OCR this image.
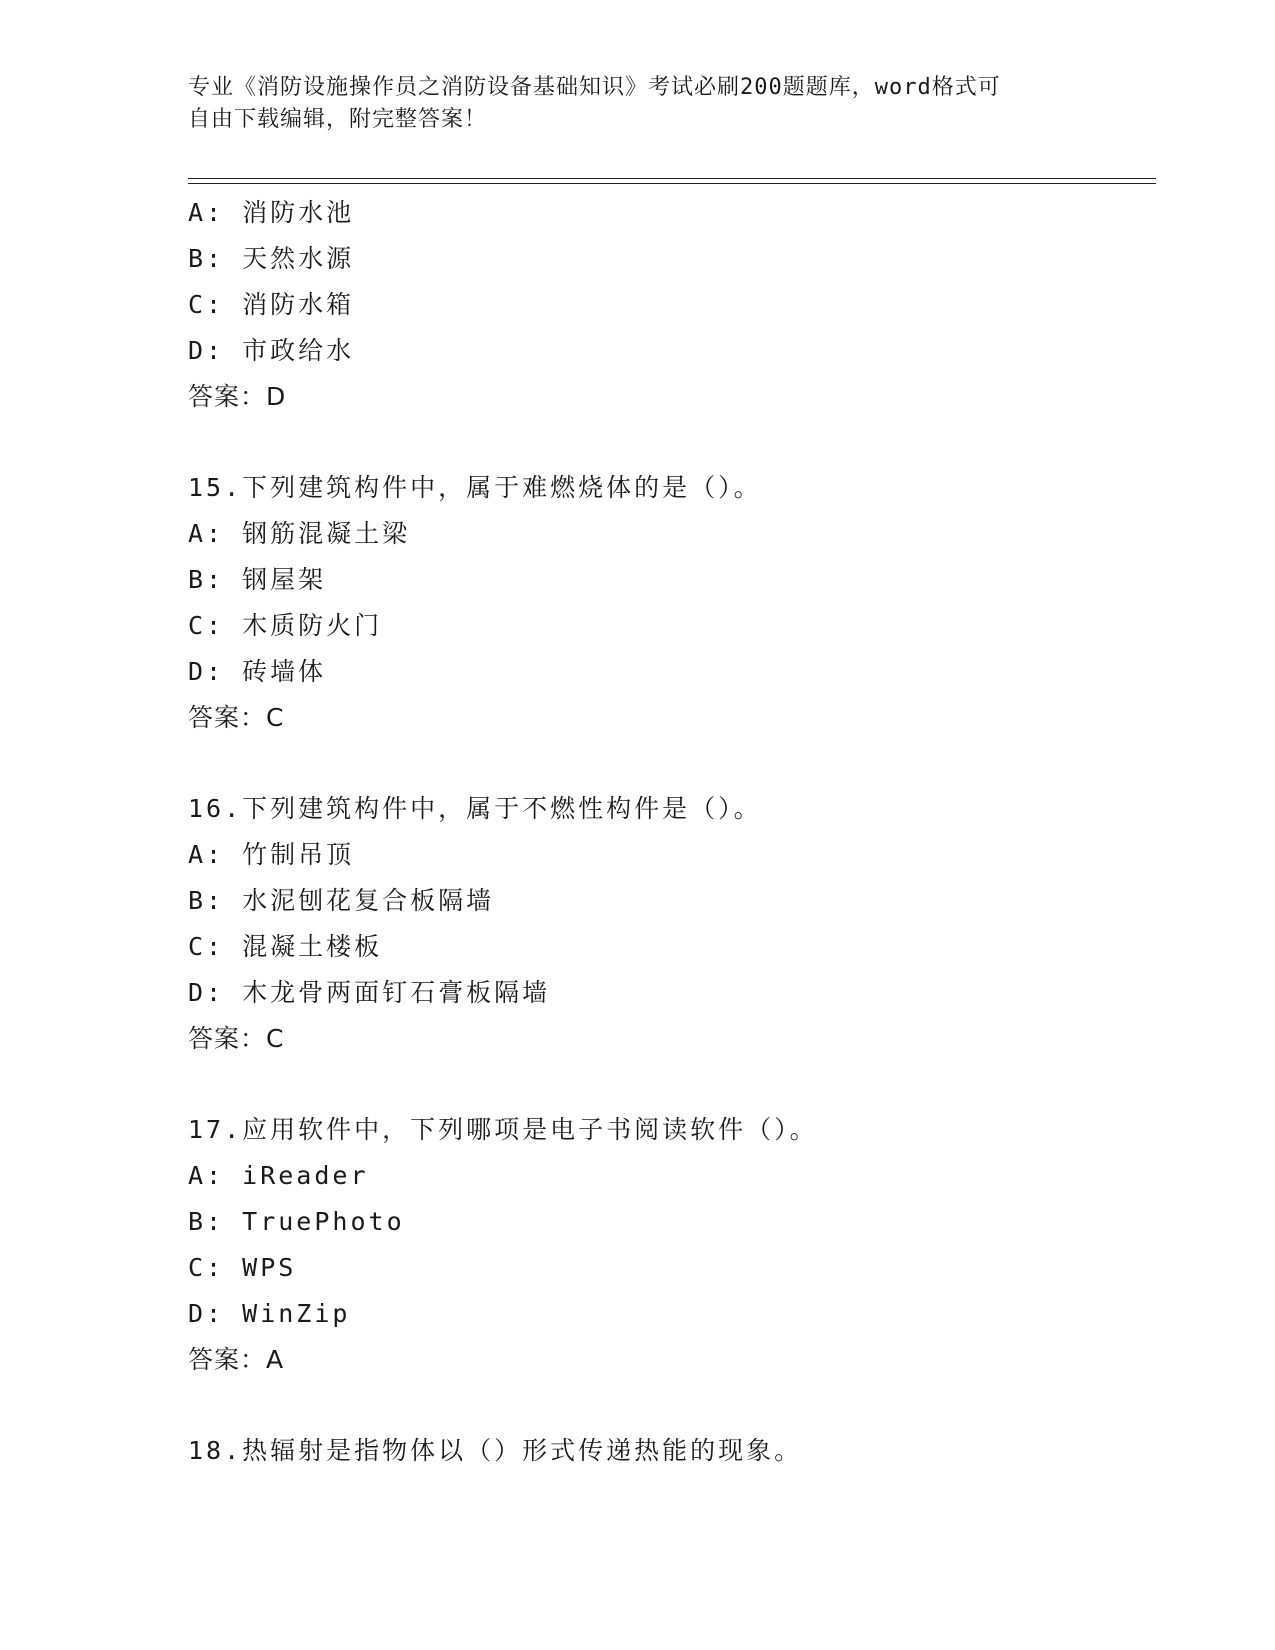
专业《消防设施操作员之消防设备基础知识》考试必刷200题题库，word格式可
自由下载编辑，附完整答案！
A: 消防水池
B: 天然水源
C: 消防水箱
D: 市政给水
答案：D
15.下列建筑构件中，属于难燃烧体的是（）。
A: 钢筋混凝土梁
B: 钢屋架
C: 木质防火门
D: 砖墙体
答案：C
16.下列建筑构件中，属于不燃性构件是（）。
A: 竹制吊顶
B: 水泥刨花复合板隔墙
C: 混凝土楼板
D: 木龙骨两面钉石膏板隔墙
答案：C
17.应用软件中，下列哪项是电子书阅读软件（）。
A: iReader
B: TruePhoto
C: WPS
D: WinZip
答案：A
18.热辐射是指物体以（）形式传递热能的现象。
